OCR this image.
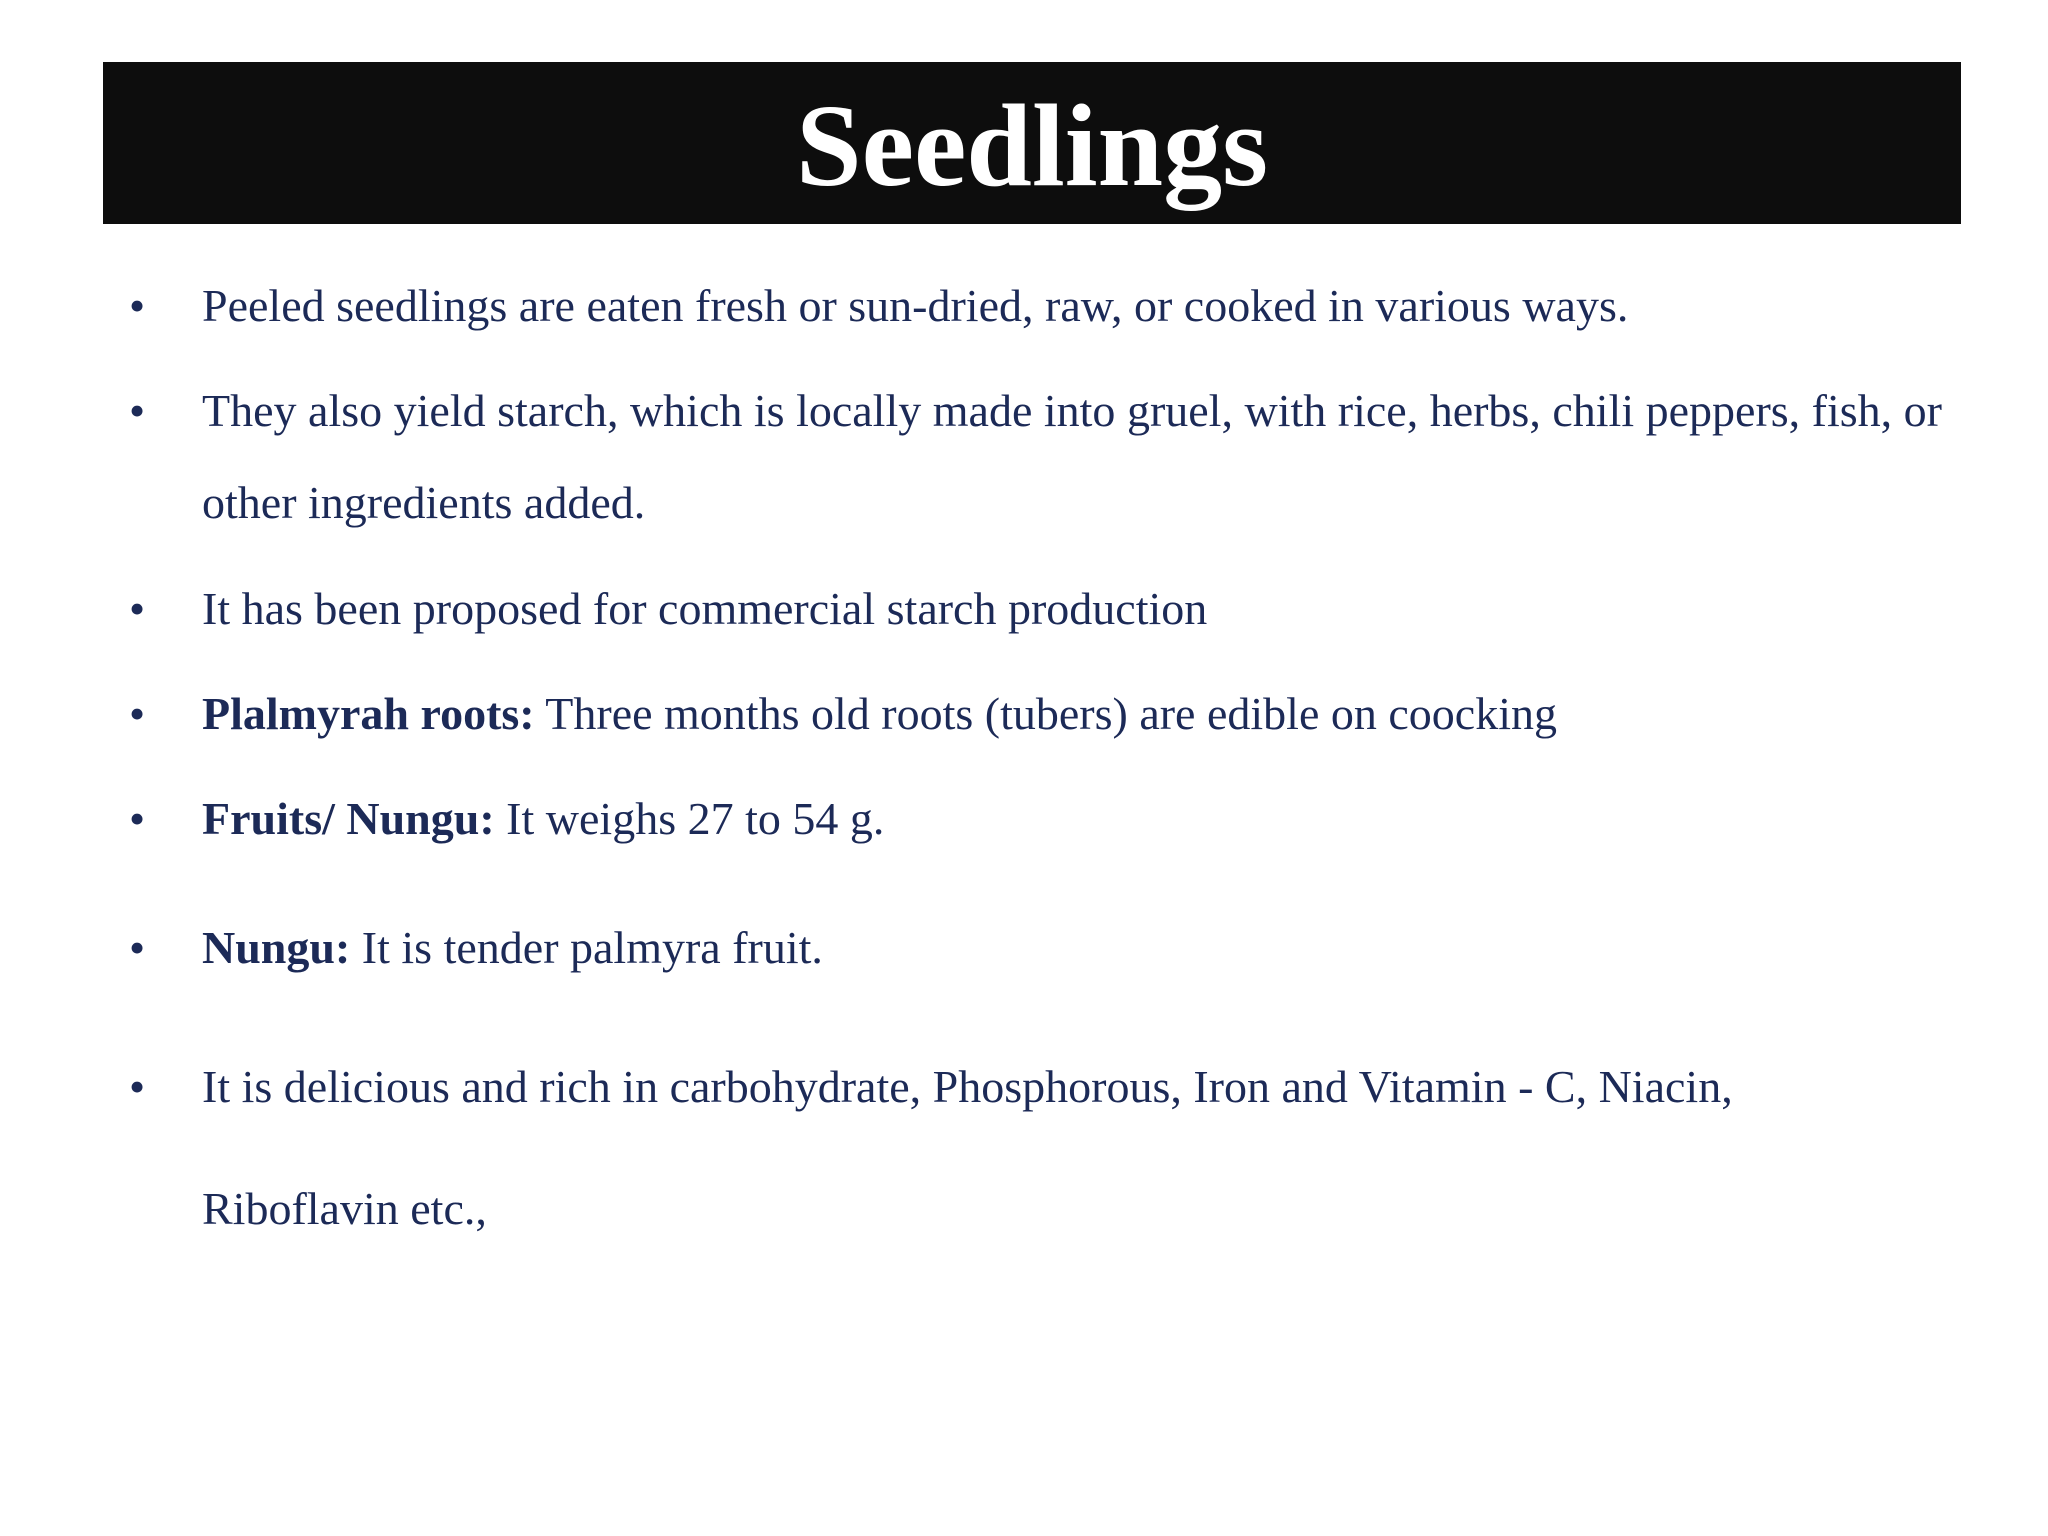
Seedlings
• Peeled seedlings are eaten fresh or sun-dried, raw, or cooked in various ways.
• They also yield starch, which is locally made into gruel, with rice, herbs, chili peppers, fish, or other ingredients added.
• It has been proposed for commercial starch production
• Plalmyrah roots: Three months old roots (tubers) are edible on coocking
• Fruits/ Nungu: It weighs 27 to 54 g.
• Nungu: It is tender palmyra fruit.
• It is delicious and rich in carbohydrate, Phosphorous, Iron and Vitamin - C, Niacin,
Riboflavin etc.,
